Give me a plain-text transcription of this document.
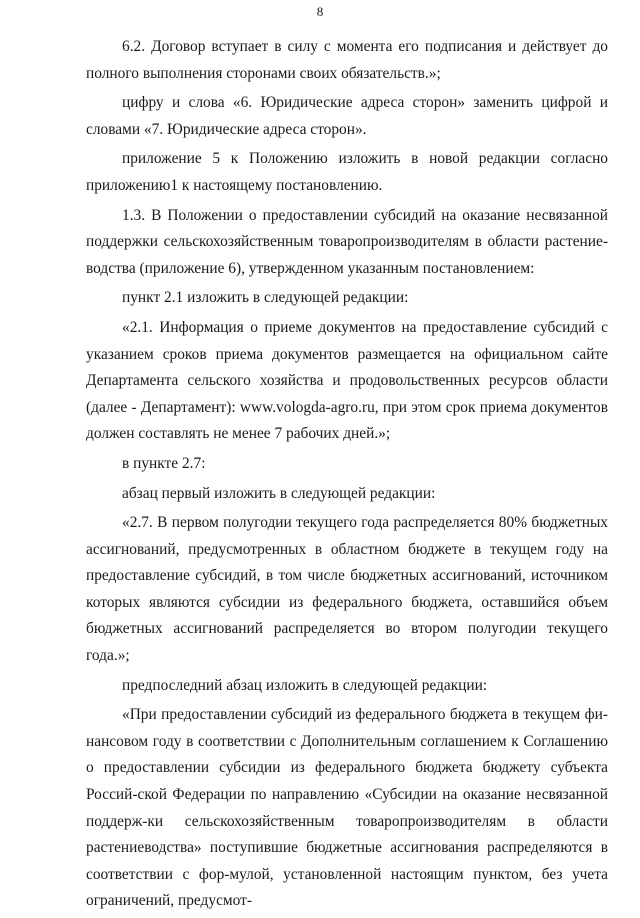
8

6.2. Договор вступает в силу с момента его подписания и действует до полного выполнения сторонами своих обязательств.»;

цифру и слова «6. Юридические адреса сторон» заменить цифрой и словами «7. Юридические адреса сторон».

приложение 5 к Положению изложить в новой редакции согласно приложению1 к настоящему постановлению.

1.3. В Положении о предоставлении субсидий на оказание несвязанной поддержки сельскохозяйственным товаропроизводителям в области растение-водства (приложение 6), утвержденном указанным постановлением:

пункт 2.1 изложить в следующей редакции:

«2.1. Информация о приеме документов на предоставление субсидий с указанием сроков приема документов размещается на официальном сайте Департамента сельского хозяйства и продовольственных ресурсов области (далее - Департамент): www.vologda-agro.ru, при этом срок приема документов должен составлять не менее 7 рабочих дней.»;

в пункте 2.7:

абзац первый изложить в следующей редакции:

«2.7. В первом полугодии текущего года распределяется 80% бюджетных ассигнований, предусмотренных в областном бюджете в текущем году на предоставление субсидий, в том числе бюджетных ассигнований, источником которых являются субсидии из федерального бюджета, оставшийся объем бюджетных ассигнований распределяется во втором полугодии текущего года.»;

предпоследний абзац изложить в следующей редакции:

«При предоставлении субсидий из федерального бюджета в текущем фи-нансовом году в соответствии с Дополнительным соглашением к Соглашению о предоставлении субсидии из федерального бюджета бюджету субъекта Россий-ской Федерации по направлению «Субсидии на оказание несвязанной поддерж-ки сельскохозяйственным товаропроизводителям в области растениеводства» поступившие бюджетные ассигнования распределяются в соответствии с фор-мулой, установленной настоящим пунктом, без учета ограничений, предусмот-
